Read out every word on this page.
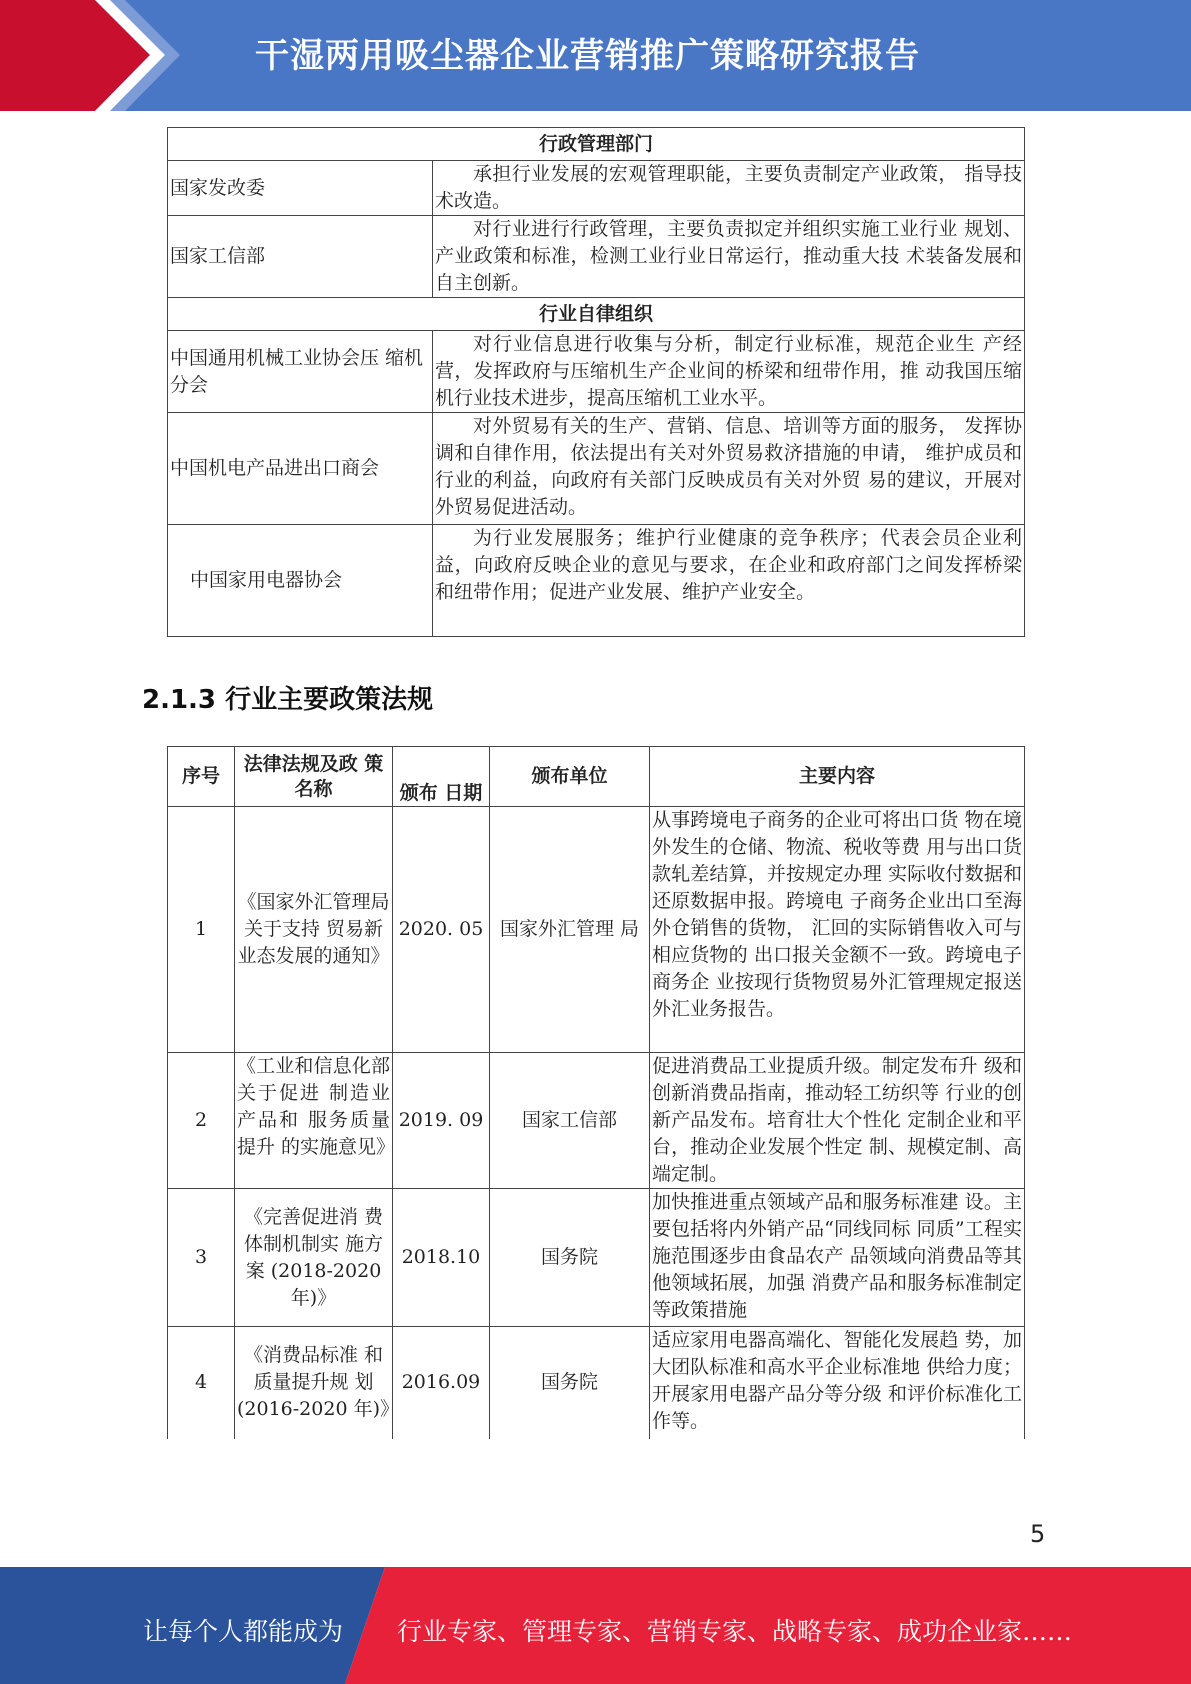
干湿两用吸尘器企业营销推广策略研究报告
行政管理部门	
国家发改委	承担行业发展的宏观管理职能，主要负责制定产业政策， 指导技术改造。
国家工信部	对行业进行行政管理，主要负责拟定并组织实施工业行业 规划、产业政策和标准，检测工业行业日常运行，推动重大技 术装备发展和自主创新。
行业自律组织	
中国通用机械工业协会压 缩机分会	对行业信息进行收集与分析，制定行业标准，规范企业生 产经营，发挥政府与压缩机生产企业间的桥梁和纽带作用，推 动我国压缩机行业技术进步，提高压缩机工业水平。
中国机电产品进出口商会	对外贸易有关的生产、营销、信息、培训等方面的服务， 发挥协调和自律作用，依法提出有关对外贸易救济措施的申请， 维护成员和行业的利益，向政府有关部门反映成员有关对外贸 易的建议，开展对外贸易促进活动。
中国家用电器协会	为行业发展服务；维护行业健康的竞争秩序；代表会员企业利益，向政府反映企业的意见与要求，在企业和政府部门之间发挥桥梁和纽带作用；促进产业发展、维护产业安全。
2.1.3 行业主要政策法规
序号	法律法规及政 策名称	颁布 日期	颁布单位	主要内容
1	《国家外汇管理局关于支持 贸易新业态发展的通知》	2020. 05	国家外汇管理 局	从事跨境电子商务的企业可将出口货 物在境外发生的仓储、物流、税收等费 用与出口货款轧差结算，并按规定办理 实际收付数据和还原数据申报。跨境电 子商务企业出口至海外仓销售的货物， 汇回的实际销售收入可与相应货物的 出口报关金额不一致。跨境电子商务企 业按现行货物贸易外汇管理规定报送 外汇业务报告。
2	《工业和信息化部关于促进 制造业产品和 服务质量提升 的实施意见》	2019. 09	国家工信部	促进消费品工业提质升级。制定发布升 级和创新消费品指南，推动轻工纺织等 行业的创新产品发布。培育壮大个性化 定制企业和平台，推动企业发展个性定 制、规模定制、高端定制。
3	《完善促进消 费体制机制实 施方案 (2018-2020 年)》	2018.10	国务院	加快推进重点领域产品和服务标准建 设。主要包括将内外销产品“同线同标 同质”工程实施范围逐步由食品农产 品领域向消费品等其他领域拓展，加强 消费产品和服务标准制定等政策措施
4	《消费品标准 和质量提升规 划 (2016-2020 年)》	2016.09	国务院	适应家用电器高端化、智能化发展趋 势，加大团队标准和高水平企业标准地 供给力度；开展家用电器产品分等分级 和评价标准化工作等。
5
让每个人都能成为 行业专家、管理专家、营销专家、战略专家、成功企业家……
